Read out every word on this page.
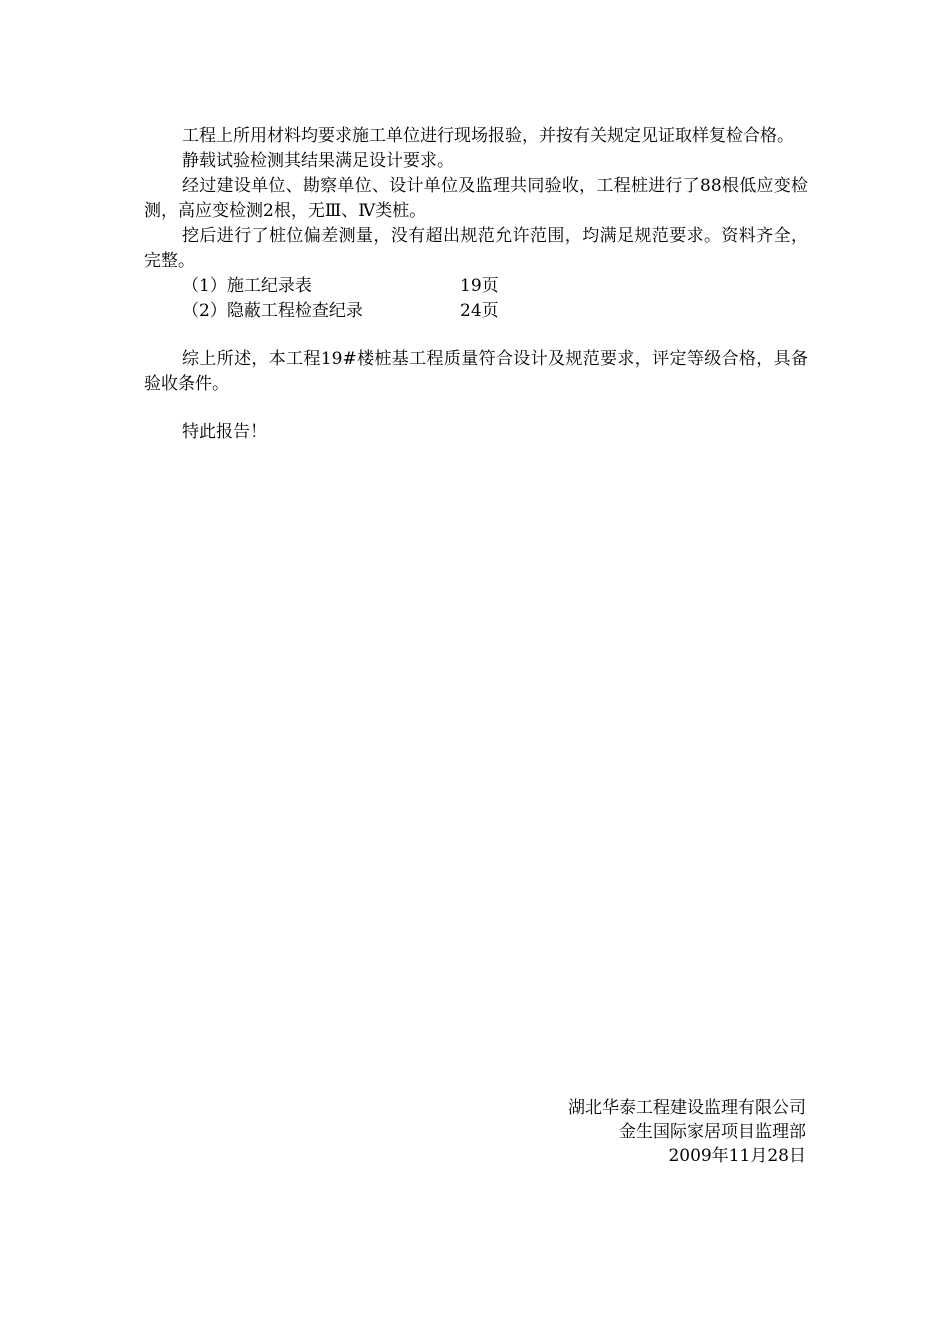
工程上所用材料均要求施工单位进行现场报验，并按有关规定见证取样复检合格。

静载试验检测其结果满足设计要求。

经过建设单位、勘察单位、设计单位及监理共同验收，工程桩进行了88根低应变检测，高应变检测2根，无Ⅲ、Ⅳ类桩。

挖后进行了桩位偏差测量，没有超出规范允许范围，均满足规范要求。资料齐全，完整。

（1）施工纪录表	19页
（2）隐蔽工程检查纪录	24页

综上所述，本工程19#楼桩基工程质量符合设计及规范要求，评定等级合格，具备验收条件。

特此报告！

湖北华泰工程建设监理有限公司
金生国际家居项目监理部
2009年11月28日
